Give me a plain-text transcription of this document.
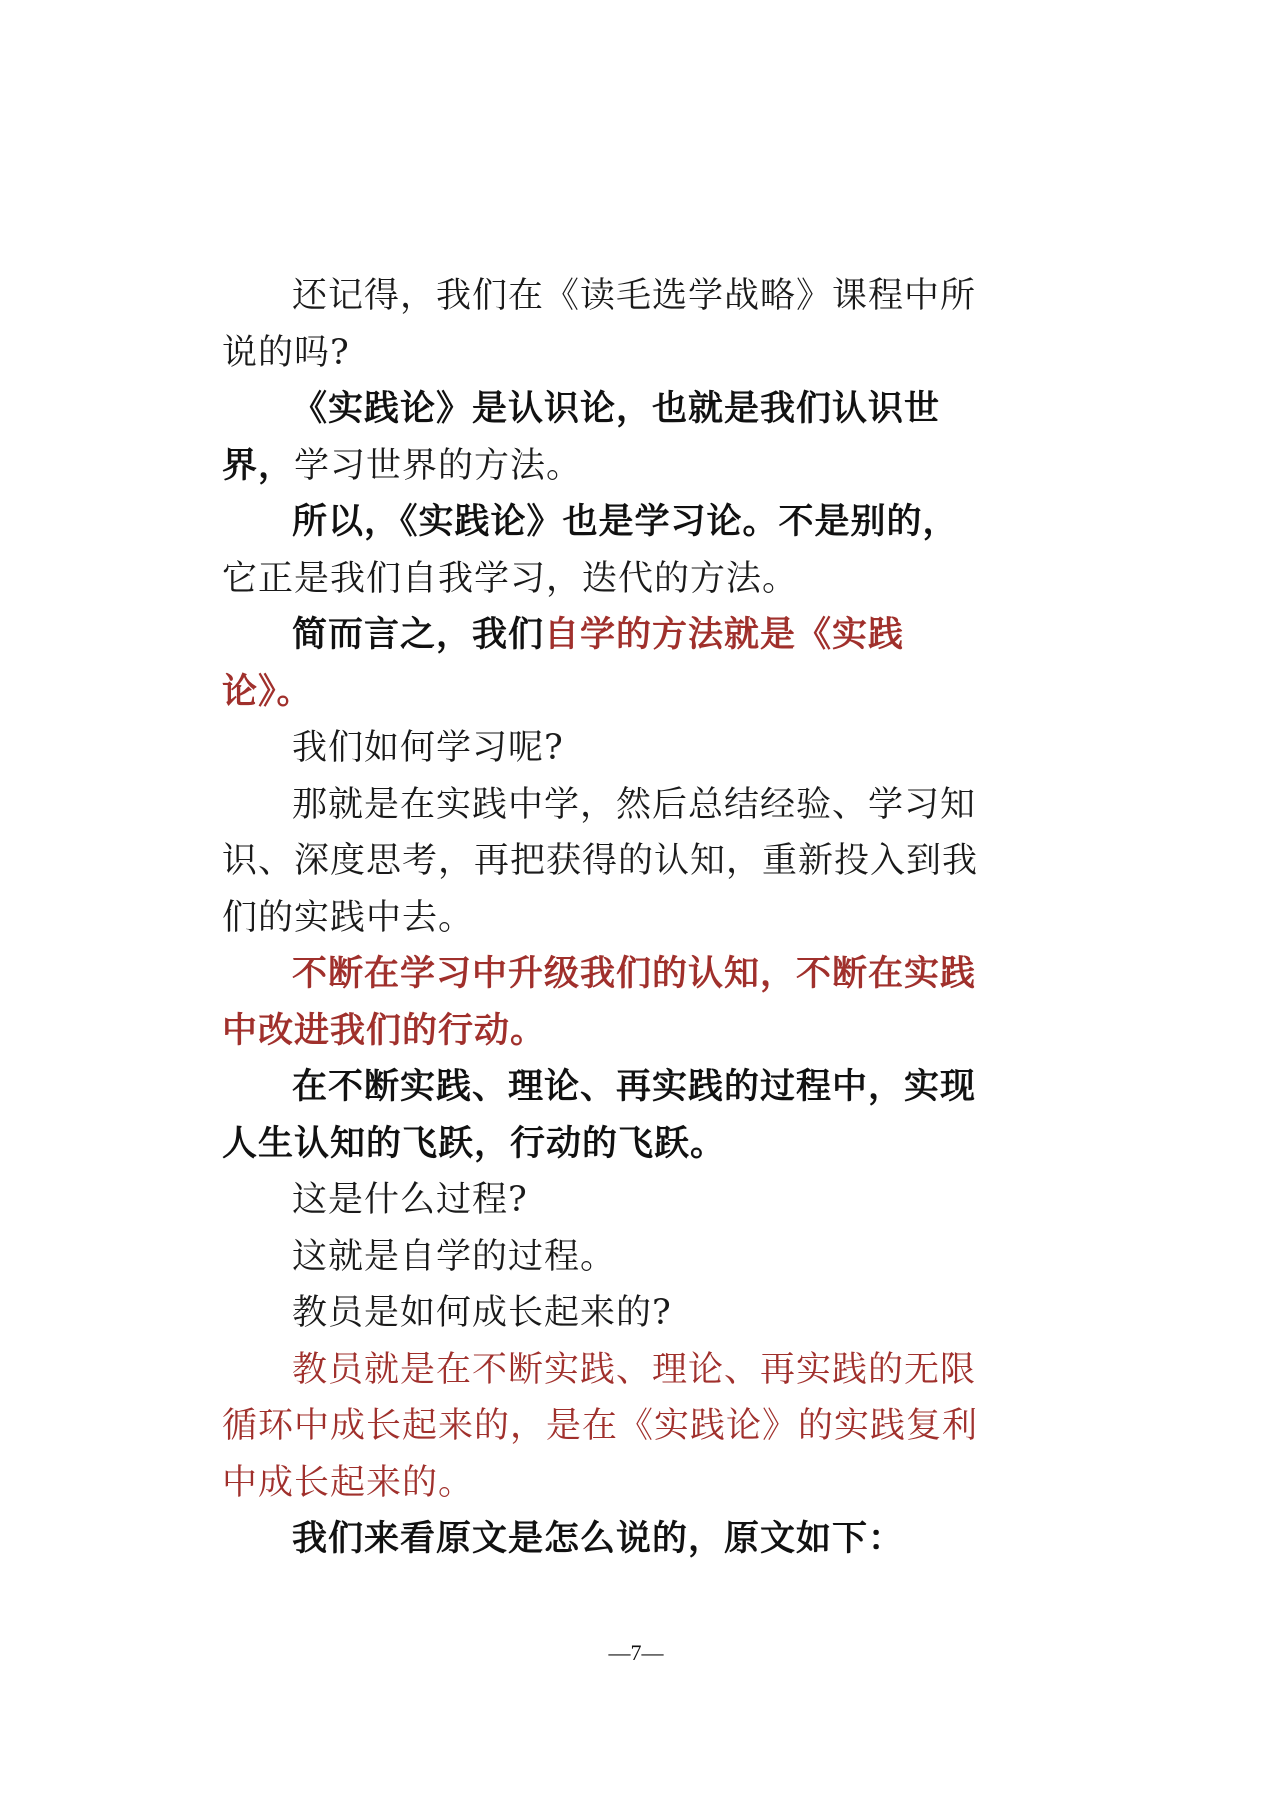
还记得，我们在《读毛选学战略》课程中所说的吗?

《实践论》是认识论，也就是我们认识世界，学习世界的方法。

所以，《实践论》也是学习论。不是别的，它正是我们自我学习，迭代的方法。

简而言之，我们自学的方法就是《实践论》。

我们如何学习呢?

那就是在实践中学，然后总结经验、学习知识、深度思考，再把获得的认知，重新投入到我们的实践中去。

不断在学习中升级我们的认知，不断在实践中改进我们的行动。

在不断实践、理论、再实践的过程中，实现人生认知的飞跃，行动的飞跃。

这是什么过程?

这就是自学的过程。

教员是如何成长起来的?

教员就是在不断实践、理论、再实践的无限循环中成长起来的，是在《实践论》的实践复利中成长起来的。

我们来看原文是怎么说的，原文如下：

—7—
